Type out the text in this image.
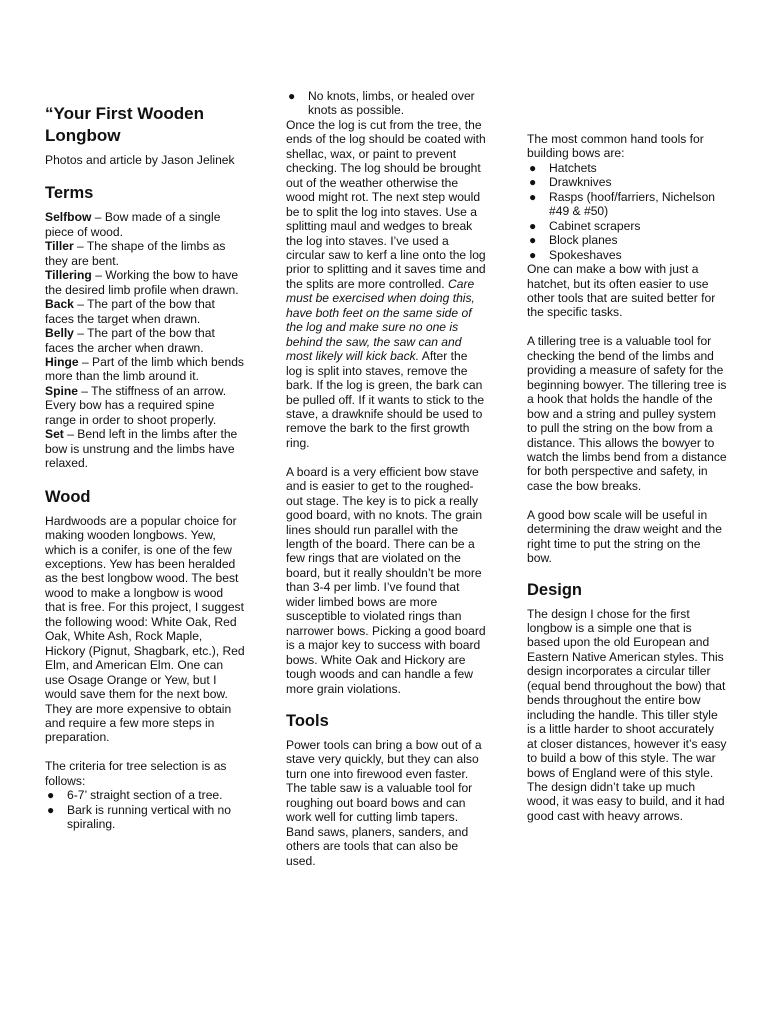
“Your First Wooden Longbow

Photos and article by Jason Jelinek

Terms

Selfbow – Bow made of a single piece of wood.

Tiller – The shape of the limbs as they are bent.

Tillering – Working the bow to have the desired limb profile when drawn.

Back – The part of the bow that faces the target when drawn.

Belly – The part of the bow that faces the archer when drawn.

Hinge – Part of the limb which bends more than the limb around it.

Spine – The stiffness of an arrow. Every bow has a required spine range in order to shoot properly.

Set – Bend left in the limbs after the bow is unstrung and the limbs have relaxed.

Wood

Hardwoods are a popular choice for making wooden longbows. Yew, which is a conifer, is one of the few exceptions. Yew has been heralded as the best longbow wood. The best wood to make a longbow is wood that is free. For this project, I suggest the following wood: White Oak, Red Oak, White Ash, Rock Maple, Hickory (Pignut, Shagbark, etc.), Red Elm, and American Elm. One can use Osage Orange or Yew, but I would save them for the next bow. They are more expensive to obtain and require a few more steps in preparation.

The criteria for tree selection is as follows:

● 6-7’ straight section of a tree.
● Bark is running vertical with no spiraling.
● No knots, limbs, or healed over knots as possible.

Once the log is cut from the tree, the ends of the log should be coated with shellac, wax, or paint to prevent checking. The log should be brought out of the weather otherwise the wood might rot. The next step would be to split the log into staves. Use a splitting maul and wedges to break the log into staves. I’ve used a circular saw to kerf a line onto the log prior to splitting and it saves time and the splits are more controlled. Care must be exercised when doing this, have both feet on the same side of the log and make sure no one is behind the saw, the saw can and most likely will kick back. After the log is split into staves, remove the bark. If the log is green, the bark can be pulled off. If it wants to stick to the stave, a drawknife should be used to remove the bark to the first growth ring.

A board is a very efficient bow stave and is easier to get to the roughed-out stage. The key is to pick a really good board, with no knots. The grain lines should run parallel with the length of the board. There can be a few rings that are violated on the board, but it really shouldn’t be more than 3-4 per limb. I’ve found that wider limbed bows are more susceptible to violated rings than narrower bows. Picking a good board is a major key to success with board bows. White Oak and Hickory are tough woods and can handle a few more grain violations.

Tools

Power tools can bring a bow out of a stave very quickly, but they can also turn one into firewood even faster. The table saw is a valuable tool for roughing out board bows and can work well for cutting limb tapers. Band saws, planers, sanders, and others are tools that can also be used.

The most common hand tools for building bows are:

● Hatchets
● Drawknives
● Rasps (hoof/farriers, Nichelson #49 & #50)
● Cabinet scrapers
● Block planes
● Spokeshaves

One can make a bow with just a hatchet, but its often easier to use other tools that are suited better for the specific tasks.

A tillering tree is a valuable tool for checking the bend of the limbs and providing a measure of safety for the beginning bowyer. The tillering tree is a hook that holds the handle of the bow and a string and pulley system to pull the string on the bow from a distance. This allows the bowyer to watch the limbs bend from a distance for both perspective and safety, in case the bow breaks.

A good bow scale will be useful in determining the draw weight and the right time to put the string on the bow.

Design

The design I chose for the first longbow is a simple one that is based upon the old European and Eastern Native American styles. This design incorporates a circular tiller (equal bend throughout the bow) that bends throughout the entire bow including the handle. This tiller style is a little harder to shoot accurately at closer distances, however it’s easy to build a bow of this style. The war bows of England were of this style. The design didn’t take up much wood, it was easy to build, and it had good cast with heavy arrows.
